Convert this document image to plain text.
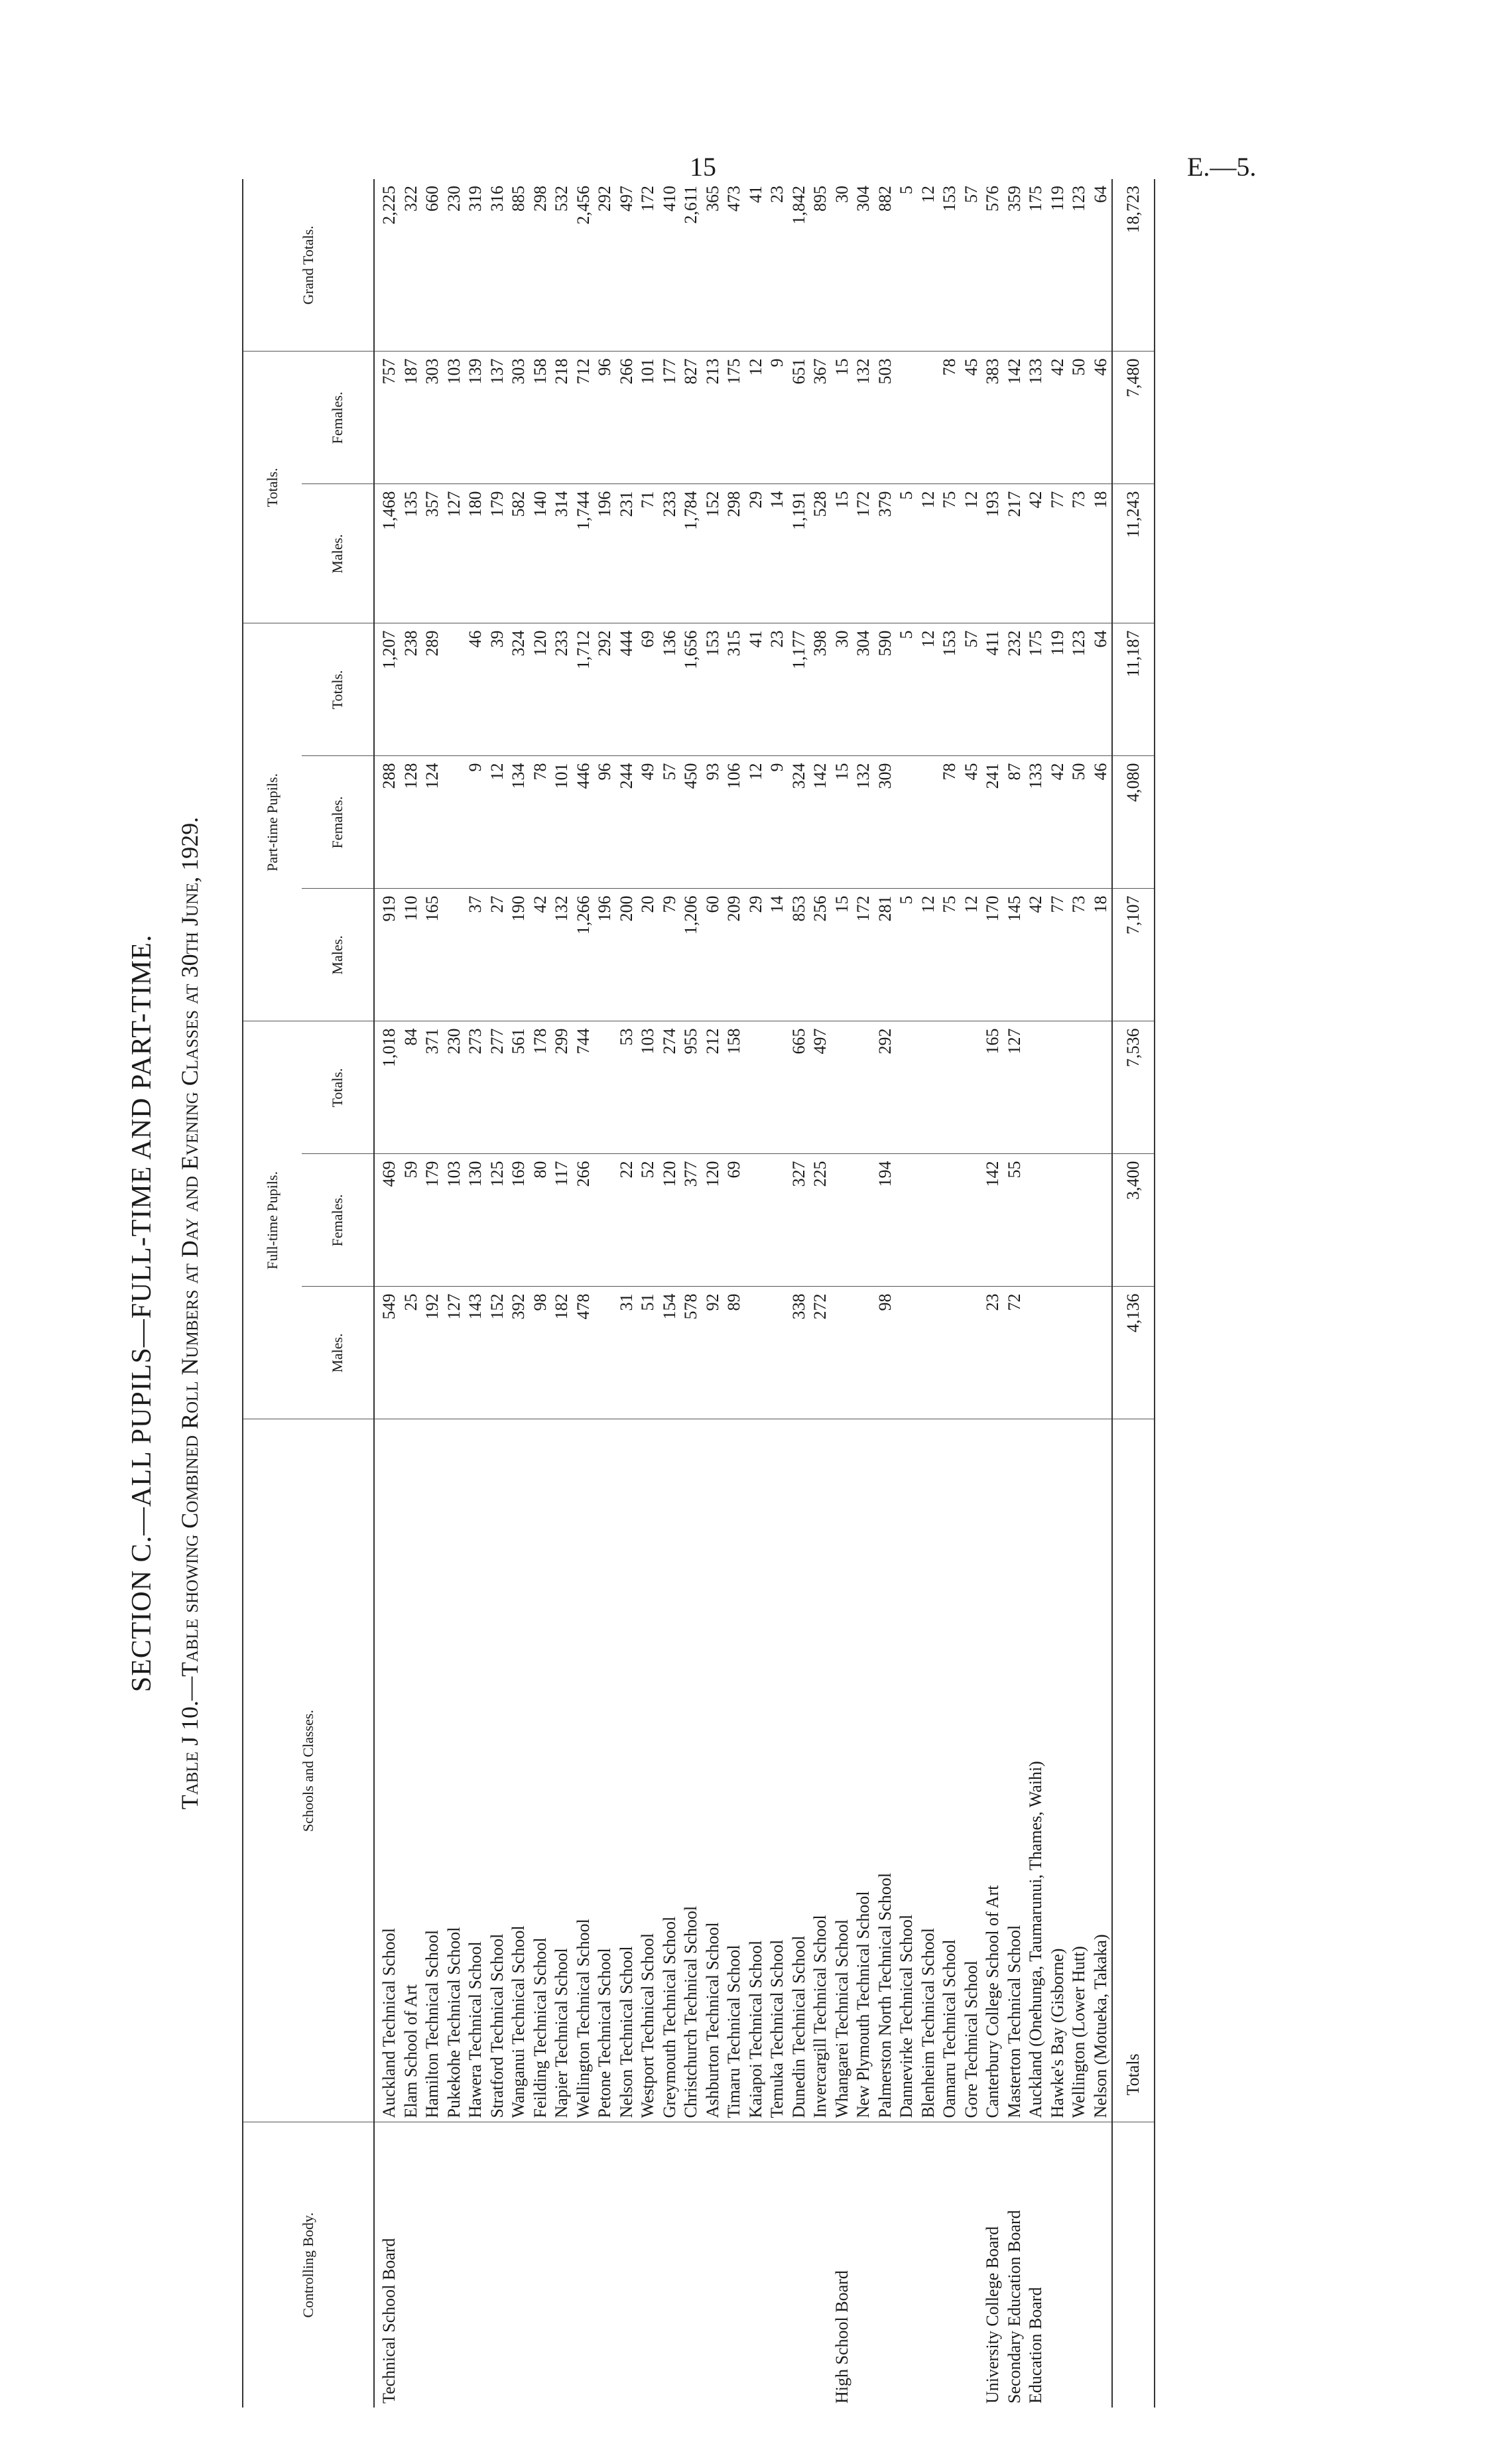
15	E.—5.
SECTION C.—ALL PUPILS—FULL-TIME AND PART-TIME. Table J 10.—Table showing Combined Roll Numbers at Day and Evening Classes at 30th June, 1929.
Controlling Body.	Schools and Classes.	Full-time Pupils.			Part-time Pupils.			Totals.		Grand Totals.
		Males.	Females.	Totals.	Males.	Females.	Totals.	Males.	Females.	
Technical School Board	Auckland Technical School	549	469	1,018	919	288	1,207	1,468	757	2,225
	Elam School of Art	25	59	84	110	128	238	135	187	322
	Hamilton Technical School	192	179	371	165	124	289	357	303	660
	Pukekohe Technical School	127	103	230				127	103	230
	Hawera Technical School	143	130	273	37	9	46	180	139	319
	Stratford Technical School	152	125	277	27	12	39	179	137	316
	Wanganui Technical School	392	169	561	190	134	324	582	303	885
	Feilding Technical School	98	80	178	42	78	120	140	158	298
	Napier Technical School	182	117	299	132	101	233	314	218	532
	Wellington Technical School	478	266	744	1,266	446	1,712	1,744	712	2,456
	Petone Technical School				196	96	292	196	96	292
	Nelson Technical School	31	22	53	200	244	444	231	266	497
	Westport Technical School	51	52	103	20	49	69	71	101	172
	Greymouth Technical School	154	120	274	79	57	136	233	177	410
	Christchurch Technical School	578	377	955	1,206	450	1,656	1,784	827	2,611
	Ashburton Technical School	92	120	212	60	93	153	152	213	365
	Timaru Technical School	89	69	158	209	106	315	298	175	473
	Kaiapoi Technical School				29	12	41	29	12	41
	Temuka Technical School				14	9	23	14	9	23
	Dunedin Technical School	338	327	665	853	324	1,177	1,191	651	1,842
	Invercargill Technical School	272	225	497	256	142	398	528	367	895
High School Board	Whangarei Technical School				15	15	30	15	15	30
	New Plymouth Technical School				172	132	304	172	132	304
	Palmerston North Technical School	98	194	292	281	309	590	379	503	882
	Dannevirke Technical School				5		5	5		5
	Blenheim Technical School				12		12	12		12
	Oamaru Technical School				75	78	153	75	78	153
	Gore Technical School				12	45	57	12	45	57
University College Board	Canterbury College School of Art	23	142	165	170	241	411	193	383	576
Secondary Education Board	Masterton Technical School	72	55	127	145	87	232	217	142	359
Education Board	Auckland (Onehunga, Taumarunui, Thames, Waihi)				42	133	175	42	133	175
	Hawke's Bay (Gisborne)				77	42	119	77	42	119
	Wellington (Lower Hutt)				73	50	123	73	50	123
	Nelson (Motueka, Takaka)				18	46	64	18	46	64
	Totals	4,136	3,400	7,536	7,107	4,080	11,187	11,243	7,480	18,723
